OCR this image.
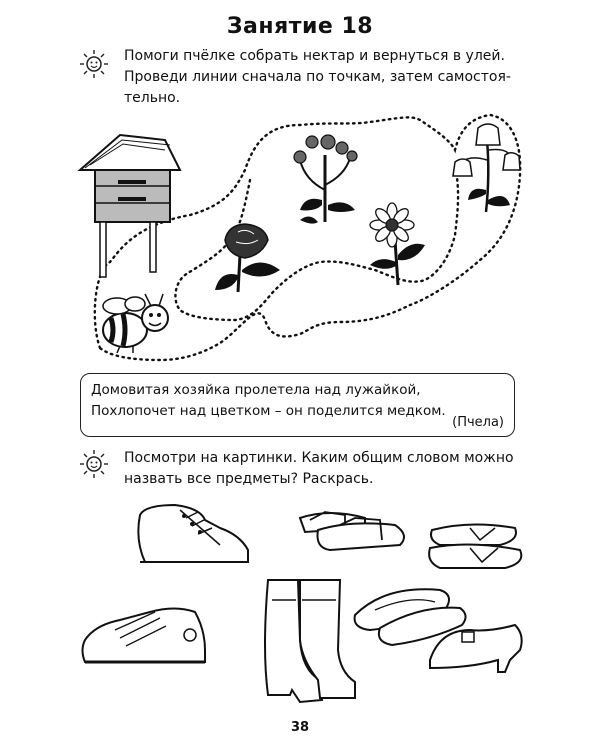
Занятие 18
Помоги пчёлке собрать нектар и вернуться в улей.
Проведи линии сначала по точкам, затем самостоя-
тельно.
Домовитая хозяйка пролетела над лужайкой,
Похлопочет над цветком – он поделится медком.
(Пчела)
Посмотри на картинки. Каким общим словом можно
назвать все предметы? Раскрась.
38
